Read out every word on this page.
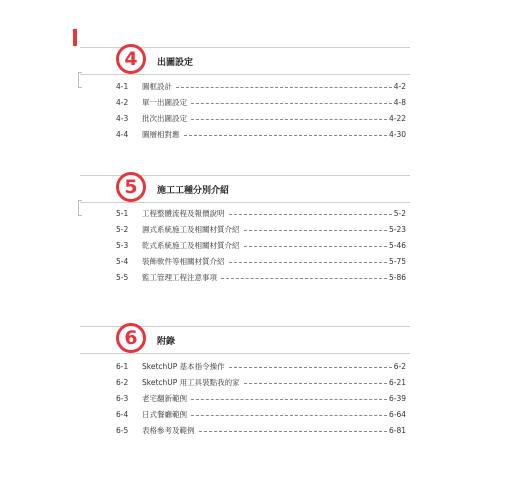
4	出圖設定
4-1	圖框設計	4-2
4-2	單一出圖設定	4-8
4-3	批次出圖設定	4-22
4-4	圖層相對應	4-30
5	施工工種分別介紹
5-1	工程整體流程及報價說明	5-2
5-2	濕式系統施工及相關材質介紹	5-23
5-3	乾式系統施工及相關材質介紹	5-46
5-4	裝飾軟件等相關材質介紹	5-75
5-5	監工管理工程注意事項	5-86
6	附錄
6-1	SketchUP 基本指令操作	6-2
6-2	SketchUP 用工具裝點我的家	6-21
6-3	老宅翻新範例	6-39
6-4	日式餐廳範例	6-64
6-5	表格參考及範例	6-81
